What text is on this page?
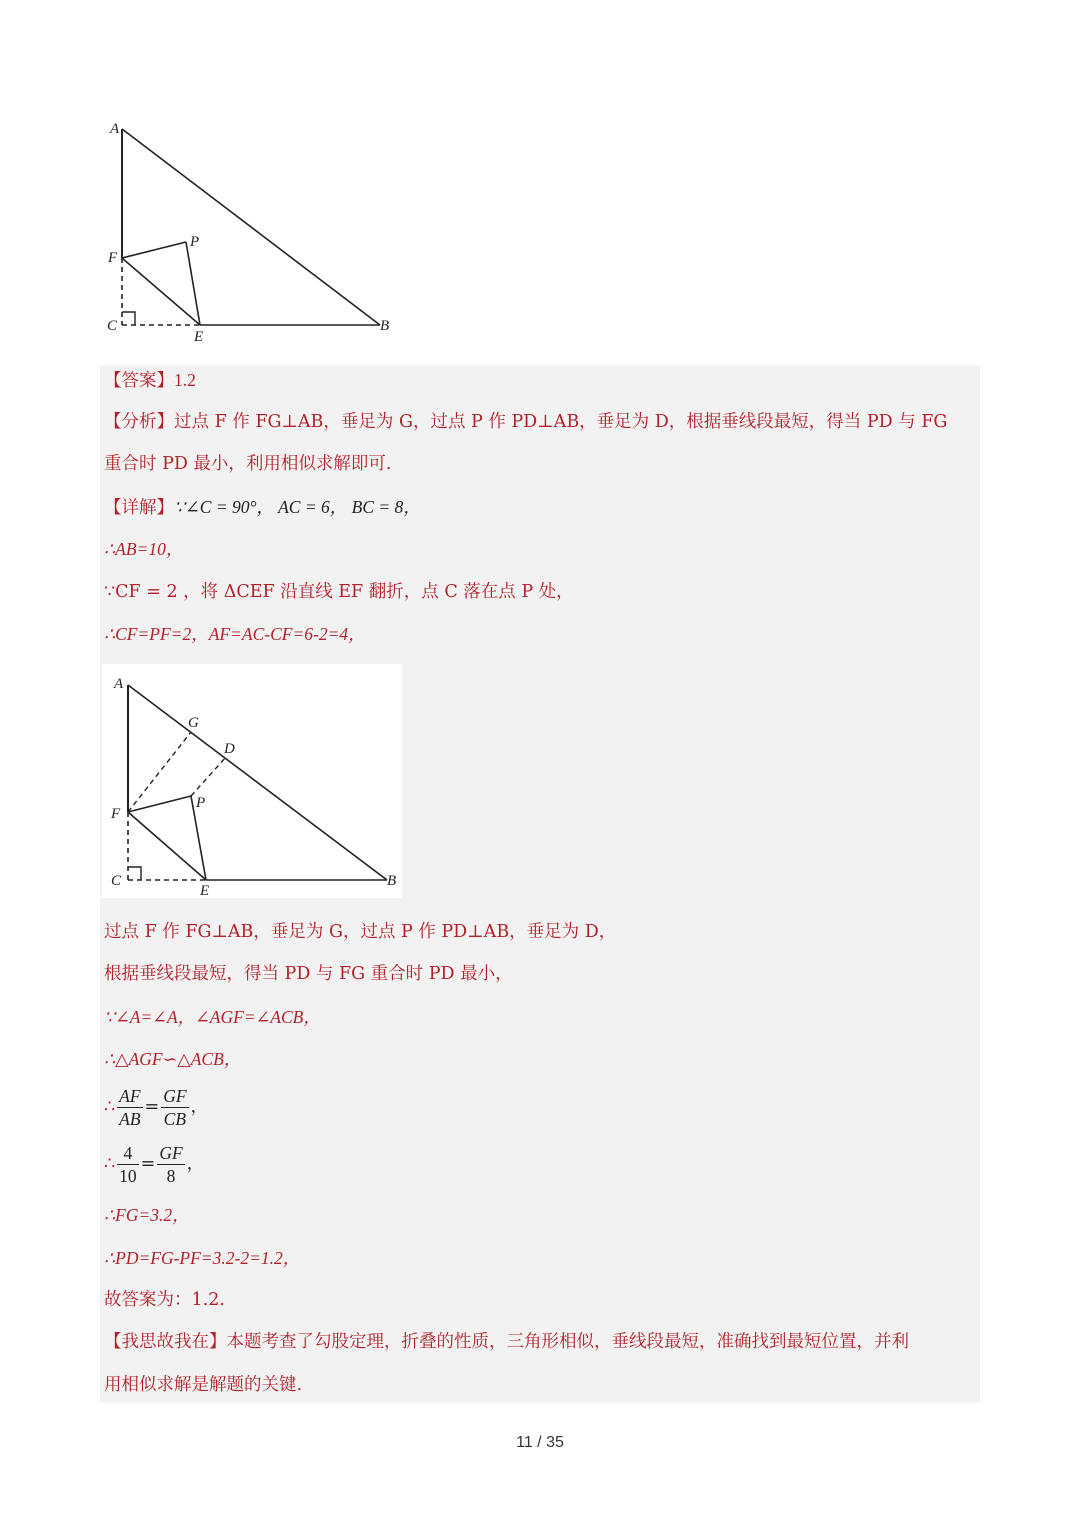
A
F
P
C
E
B
【答案】1.2
【分析】过点 F 作 FG⊥AB，垂足为 G，过点 P 作 PD⊥AB，垂足为 D，根据垂线段最短，得当 PD 与 FG
重合时 PD 最小，利用相似求解即可.
【详解】∵∠C = 90°， AC = 6， BC = 8，
∴AB=10，
∵CF = 2 ，将 ΔCEF 沿直线 EF 翻折，点 C 落在点 P 处，
∴CF=PF=2，AF=AC-CF=6-2=4，
A
G
D
P
F
C
E
B
过点 F 作 FG⊥AB，垂足为 G，过点 P 作 PD⊥AB，垂足为 D，
根据垂线段最短，得当 PD 与 FG 重合时 PD 最小，
∵∠A=∠A，∠AGF=∠ACB，
∴△AGF∽△ACB，
∴ $\frac{AF}{AB} = \frac{GF}{CB}$ ，
∴ $\frac{4}{10} = \frac{GF}{8}$ ，
∴FG=3.2，
∴PD=FG-PF=3.2-2=1.2，
故答案为：1.2.
【我思故我在】本题考查了勾股定理，折叠的性质，三角形相似，垂线段最短，准确找到最短位置，并利
用相似求解是解题的关键.
11 / 35
